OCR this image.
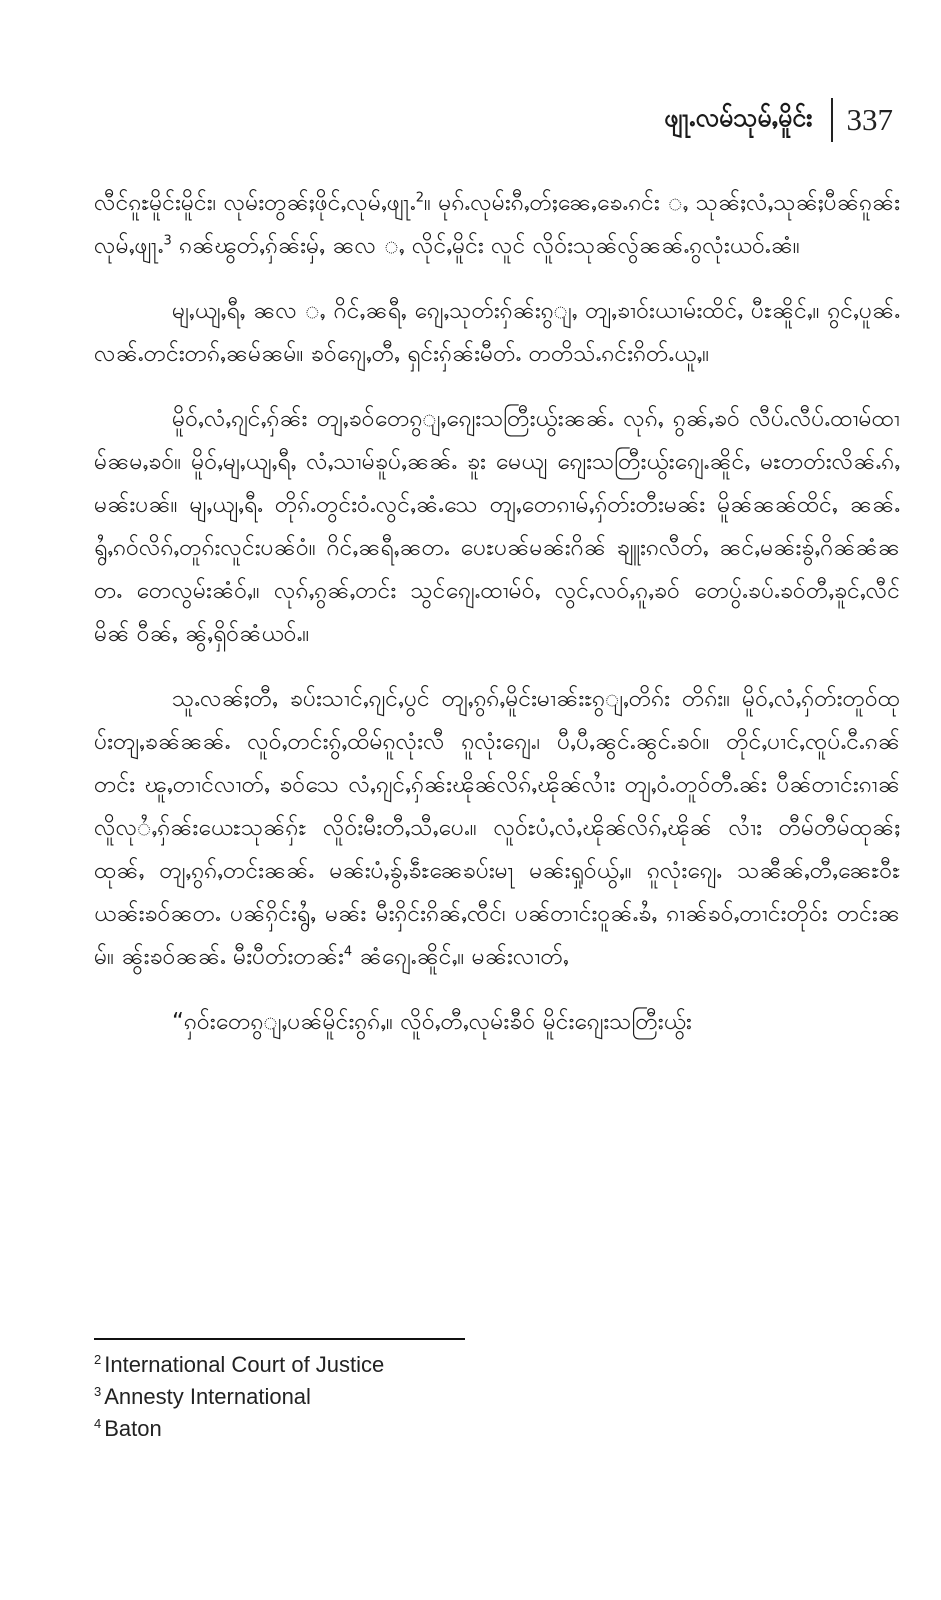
ဖျႃႉလမ်သုမ်ႇမိူင်း 337

လီင်ၵူႊမိူင်းမိူင်း၊ လုမ်းတွၼ်ႈဖိုင်ႇလုမ်ႇဖျႃႉ$^2$။ မုၵ်ႉလုမ်းၵီႇတ်ႈၼေႇၶေႉၵင်း ႇ သုၼ်ႈလံႇသုၼ်ႈပီၼ်ၵူၼ်းလုမ်ႇဖျႃႉ$^3$ ၵၼ်ၽွတ်ႇၵှ်ၼ်းမှ်ႇ ၼလ ႇ လိုင်ႇမိူင်း လူင် လိူဝ်းသုၼ်လွ်ၼၼ်ႉၵွလုံးယဝ်ႉၼံ။

မျႇယျႇရီႇ ၼလ ႇ ဂိင်ႇၼရီႇ ၵျေႇသုတ်းၵှ်ၼ်းၵွျႇ တျႇၶၢဝ်းယၢမ်းထိင်ႇ ပီႊၼိူင်ႇ။ ၵွင်ႇပူၼ်ႉလၼ်ႉတင်းတၵ်ႇၼမ်ၼမ်။ ၶဝ်ၵျေႇတီႇ ရှင်းၵှ်ၼ်းမီတ်ႉ တတိသ်ႉၵင်းၵိတ်ႉယူႇ။

မိူဝ်ႇလံႇၵျင်ႇၵှ်ၼ်း တျႇၶဝ်တေၵွျႇၵျေးသတြီးယွ်းၼၼ်ႉ လုၵ်ႇ ၵွၼ်ႇၶဝ် လီပ်ႉလီပ်ႉထၢမ်ထၢမ်ၼမႇၶဝ်။ မိူဝ်ႇမျႇယျႇရီႇ လံႇသၢမ်ၶူပ်ႇၼၼ်ႉ ၶူး မေယျ ၵျေးသတြီးယွ်းၵျေႉၼိူင်ႇ မႊတတ်းလိၼ်ႉၵ်ႇမၼ်းပၼ်။ မျႇယျႇရီႉ တိုၵ်ႉတွင်းဝံႉလွင်ႇၼံႉသေ တျႇတေၵၢမ်ႇၵှ်တ်းတီးမၼ်း မိူၼ်ၼၼ်ထိင်ႇ ၼၼ်ႉ ရွႆႇၵဝ်လိၵ်ႇတူၵ်းလူင်းပၼ်ဝံ။ ဂိင်ႇၼရီႇၼတႉ ပေႊပၼ်မၼ်းဂိၼ် ၶျူးၵလီတ်ႇ ၼင်ႇမၼ်းၶွ်ႇဂိၼ်ၼံၼတႉ တေလွမ်းၼံဝ်ႇ။ လုၵ်ႇၵွၼ်ႇတင်း သွင်ၵျေႉထၢမ်ဝ်ႇ လွင်ႇလဝ်ႇၵူႇၶဝ် တေပွ်ႉၶပ်ႉၶဝ်တီႇၶူင်ႇလီင်မိၼ် ဝီၼ်ႇ ၼွ်ႇရှိဝ်ၼံယဝ်ႉ။

သူႉလၼ်ႈတီႇ ၶပ်းသၢင်ႇၵျင်ႇပွင် တျႇၵွၵ်ႇမိူင်းမၢၼ်းႊၵွျႇတိၵ်း တိၵ်း။ မိူဝ်ႇလံႇၵှ်တ်းတူဝ်ထုပ်းတျႇၶၼ်ၼၼ်ႉ လူဝ်ႇတင်းၵွ်ႇထိမ်ၵူလုံးလီ ၵူလုံးၵျေႉ၊ ပီႇပီႇၼွင်ႉၼွင်ႉၶဝ်။ တိုင်ႇပၢင်ႇၸူပ်ႉငီႉၵၼ်တင်း ၽူႇတၢင်လၢတ်ႇ ၶဝ်သေ လံႇၵျင်ႇၵှ်ၼ်းၽိုၼ်လိၵ်ႇၽိုၼ်လၢႆး တျႇဝံႉတူဝ်တီႉၼ်း ပီၼ်တၢင်းၵၢၼ် လိူလုႆႇၵှ်ၼ်းယေႊသုၼ်ၵှ်ႊ လိူဝ်းမီးတီႇသီႇပေႉ။ လူဝ်ႊပံႇလံႇၽိုၼ်လိၵ်ႇၽိုၼ် လၢႆး တီမ်တီမ်ထုၼ်ႈထုၼ်ႇ တျႇၵွၵ်ႇတင်းၼၼ်ႉ မၼ်းပံႇၶွ်ႇၶဵႊၼေၶပ်းမႃ မၼ်းရှုဝ်ယွ်ႇ။ ၵူလုံးၵျေႉ သၼီၼ်ႇတီႇၼေႊဝီႊယၼ်းၶဝ်ၼတႉ ပၼ်ၵှိင်းရွႆႇ မၼ်း မီးၵှိင်းၵိၼ်ႇၸီင်၊ ပၼ်တၢင်းဝူၼ်ႉၶႆႇ ၵၢၼ်ၶဝ်ႇတၢင်းတိုဝ်း တင်းၼမ်။ ၼွ်းၶဝ်ၼၼ်ႉ မီးပီတ်းတၼ်း$^4$ ၼံၵျေႉၼိူင်ႇ။ မၼ်းလၢတ်ႇ

“ၵှဝ်းတေၵွျႇပၼ်မိူင်းၵွၵ်ႇ။ လိူဝ်ႇတီႇလုမ်းၶီဝ် မိူင်းၵျေးသတြီးယွ်း

$^2$ International Court of Justice
$^3$ Annesty International
$^4$ Baton
